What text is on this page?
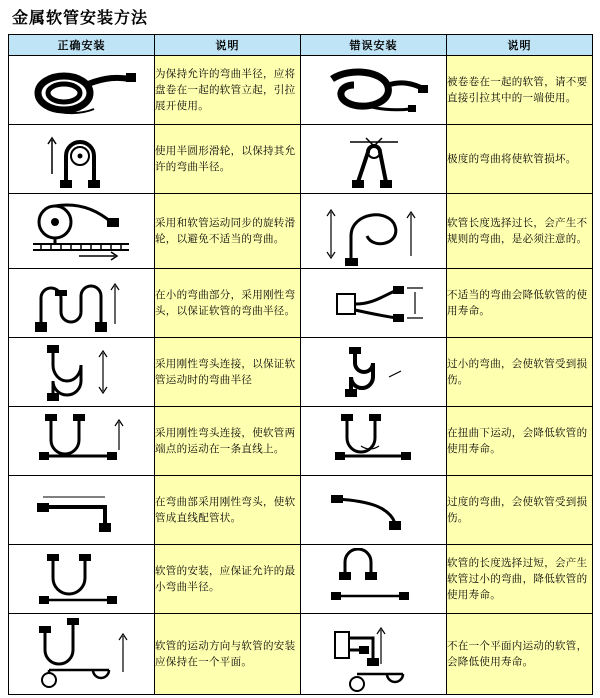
金属软管安装方法
正确安装	说明	错误安装	说明

	为保持允许的弯曲半径，应将盘卷在一起的软管立起，引拉展开使用。		被卷卷在一起的软管，请不要直接引拉其中的一端使用。

	使用半圆形滑轮，以保持其允许的弯曲半径。		极度的弯曲将使软管损坏。

	采用和软管运动同步的旋转滑轮，以避免不适当的弯曲。		软管长度选择过长，会产生不规则的弯曲，是必须注意的。

	在小的弯曲部分，采用刚性弯头，以保证软管的弯曲半径。		不适当的弯曲会降低软管的使用寿命。

	采用刚性弯头连接，以保证软管运动时的弯曲半径		过小的弯曲，会使软管受到损伤。

	采用刚性弯头连接，使软管两端点的运动在一条直线上。		在扭曲下运动，会降低软管的使用寿命。

	在弯曲部采用刚性弯头，使软管成直线配管状。		过度的弯曲，会使软管受到损伤。

	软管的安装，应保证允许的最小弯曲半径。		软管的长度选择过短，会产生软管过小的弯曲，降低软管的使用寿命。

	软管的运动方向与软管的安装应保持在一个平面。		不在一个平面内运动的软管，会降低使用寿命。
